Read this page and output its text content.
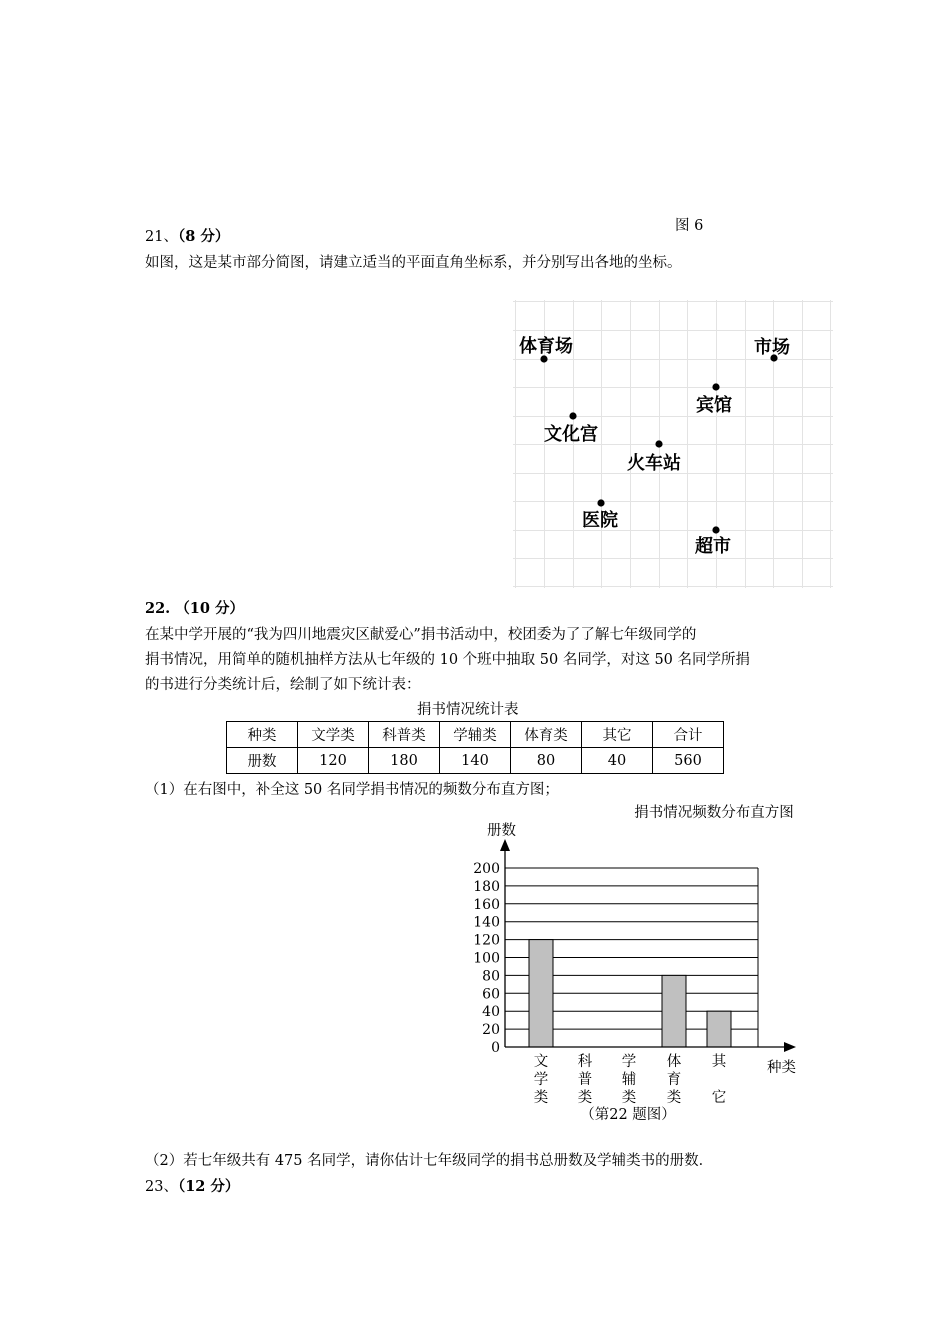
图 6
21、（8 分）
如图，这是某市部分简图，请建立适当的平面直角坐标系，并分别写出各地的坐标。
体育场	市场
宾馆
文化宫
火车站
医院
超市
22. （10 分）
在某中学开展的“我为四川地震灾区献爱心”捐书活动中，校团委为了了解七年级同学的
捐书情况，用简单的随机抽样方法从七年级的 10 个班中抽取 50 名同学，对这 50 名同学所捐
的书进行分类统计后，绘制了如下统计表：
捐书情况统计表
种类	文学类	科普类	学辅类	体育类	其它	合计
册数	120	180	140	80	40	560
（1）在右图中，补全这 50 名同学捐书情况的频数分布直方图；
捐书情况频数分布直方图
册数
种类
（第22 题图）
0
20
40
60
80
100
120
140
160
180
200
文
学
类
科
普
类
学
辅
类
体
育
类
其
它
（2）若七年级共有 475 名同学，请你估计七年级同学的捐书总册数及学辅类书的册数．
23、（12 分）
